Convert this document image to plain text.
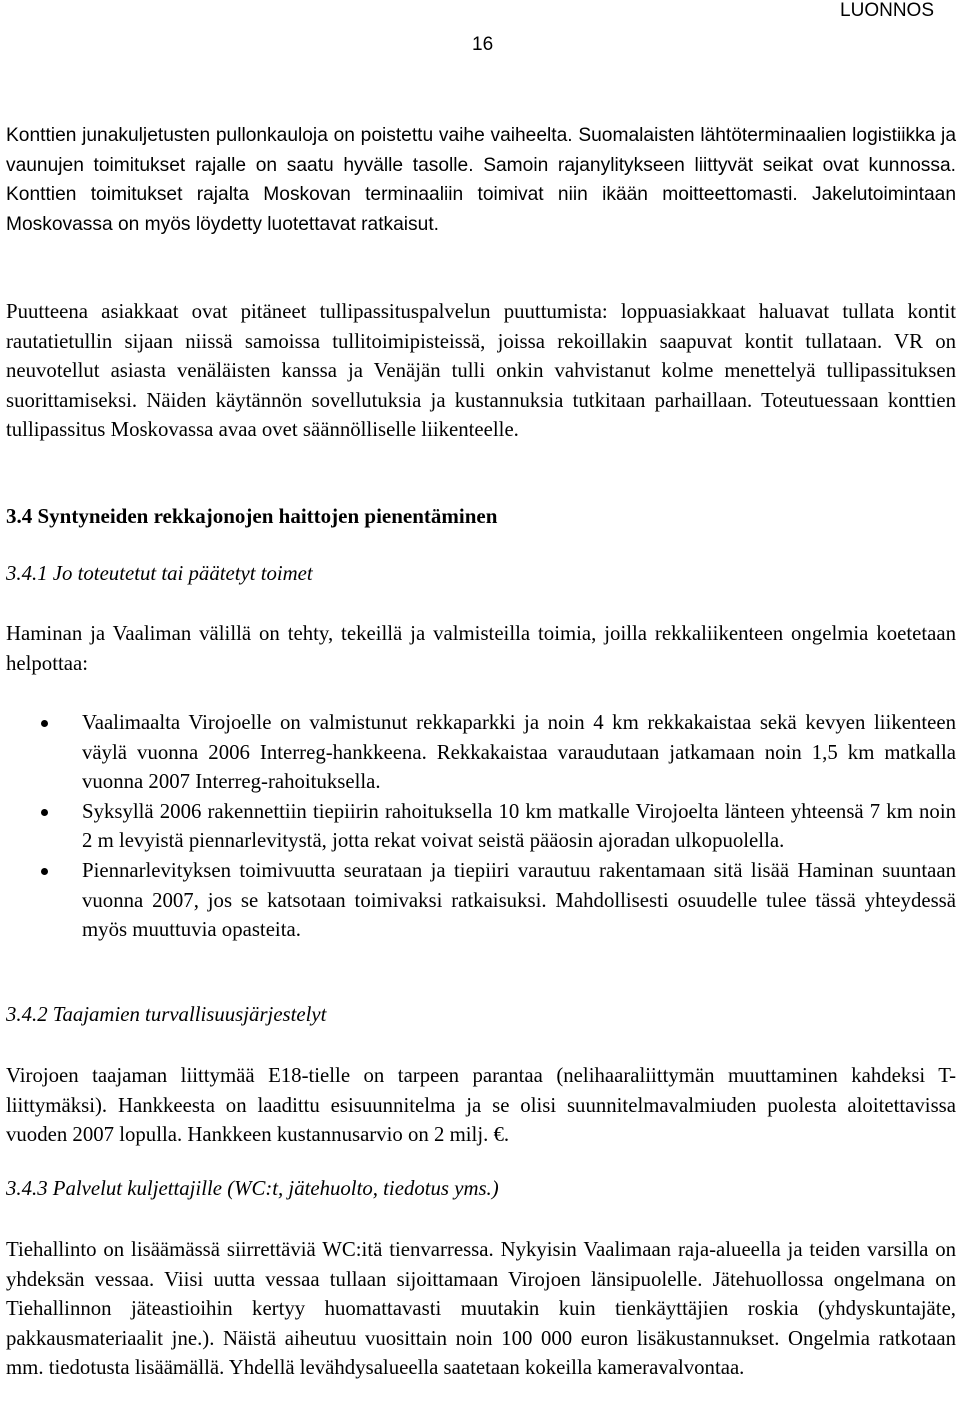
LUONNOS
16

Konttien junakuljetusten pullonkauloja on poistettu vaihe vaiheelta. Suomalaisten lähtöterminaalien logistiikka ja vaunujen toimitukset rajalle on saatu hyvälle tasolle. Samoin rajanylitykseen liittyvät seikat ovat kunnossa. Konttien toimitukset rajalta Moskovan terminaaliin toimivat niin ikään moitteettomasti. Jakelutoimintaan Moskovassa on myös löydetty luotettavat ratkaisut.

Puutteena asiakkaat ovat pitäneet tullipassituspalvelun puuttumista: loppuasiakkaat haluavat tullata kontit rautatietullin sijaan niissä samoissa tullitoimipisteissä, joissa rekoillakin saapuvat kontit tullataan. VR on neuvotellut asiasta venäläisten kanssa ja Venäjän tulli onkin vahvistanut kolme menettelyä tullipassituksen suorittamiseksi. Näiden käytännön sovellutuksia ja kustannuksia tutkitaan parhaillaan. Toteutuessaan konttien tullipassitus Moskovassa avaa ovet säännölliselle liikenteelle.

3.4 Syntyneiden rekkajonojen haittojen pienentäminen
3.4.1 Jo toteutetut tai päätetyt toimet

Haminan ja Vaaliman välillä on tehty, tekeillä ja valmisteilla toimia, joilla rekkaliikenteen ongelmia koetetaan helpottaa:

Vaalimaalta Virojoelle on valmistunut rekkaparkki ja noin 4 km rekkakaistaa sekä kevyen liikenteen väylä vuonna 2006 Interreg-hankkeena. Rekkakaistaa varaudutaan jatkamaan noin 1,5 km matkalla vuonna 2007 Interreg-rahoituksella.
Syksyllä 2006 rakennettiin tiepiirin rahoituksella 10 km matkalle Virojoelta länteen yhteensä 7 km noin 2 m levyistä piennarlevitystä, jotta rekat voivat seistä pääosin ajoradan ulkopuolella.
Piennarlevityksen toimivuutta seurataan ja tiepiiri varautuu rakentamaan sitä lisää Haminan suuntaan vuonna 2007, jos se katsotaan toimivaksi ratkaisuksi. Mahdollisesti osuudelle tulee tässä yhteydessä myös muuttuvia opasteita.
3.4.2 Taajamien turvallisuusjärjestelyt

Virojoen taajaman liittymää E18-tielle on tarpeen parantaa (nelihaaraliittymän muuttaminen kahdeksi T-liittymäksi). Hankkeesta on laadittu esisuunnitelma ja se olisi suunnitelmavalmiuden puolesta aloitettavissa vuoden 2007 lopulla. Hankkeen kustannusarvio on 2 milj. €.

3.4.3 Palvelut kuljettajille (WC:t, jätehuolto, tiedotus yms.)

Tiehallinto on lisäämässä siirrettäviä WC:itä tienvarressa. Nykyisin Vaalimaan raja-alueella ja teiden varsilla on yhdeksän vessaa. Viisi uutta vessaa tullaan sijoittamaan Virojoen länsipuolelle. Jätehuollossa ongelmana on Tiehallinnon jäteastioihin kertyy huomattavasti muutakin kuin tienkäyttäjien roskia (yhdyskuntajäte, pakkausmateriaalit jne.). Näistä aiheutuu vuosittain noin 100 000 euron lisäkustannukset. Ongelmia ratkotaan mm. tiedotusta lisäämällä. Yhdellä levähdysalueella saatetaan kokeilla kameravalvontaa.
